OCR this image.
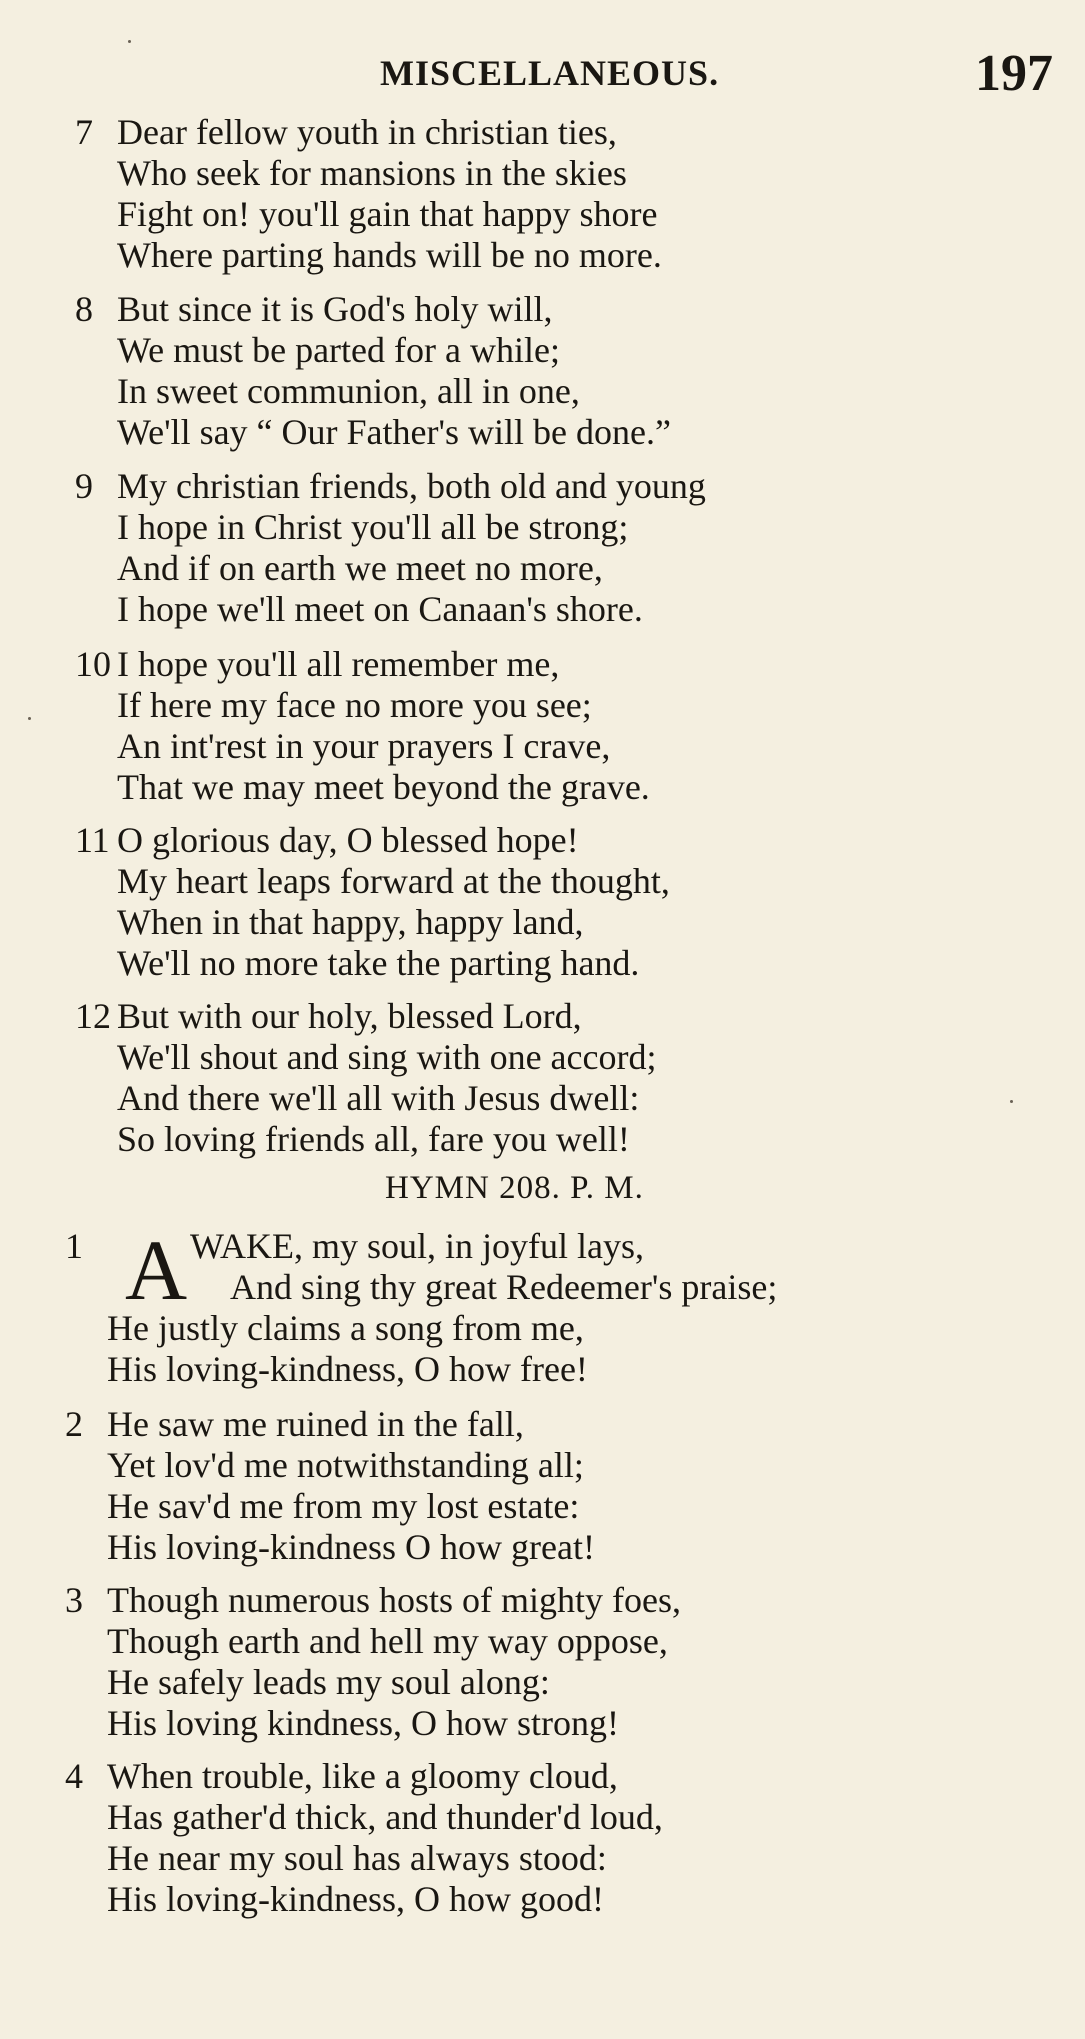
MISCELLANEOUS.	197
7 Dear fellow youth in christian ties,
Who seek for mansions in the skies
Fight on! you'll gain that happy shore
Where parting hands will be no more.
8 But since it is God's holy will,
We must be parted for a while;
In sweet communion, all in one,
We'll say “ Our Father's will be done.”
9 My christian friends, both old and young
I hope in Christ you'll all be strong;
And if on earth we meet no more,
I hope we'll meet on Canaan's shore.
10 I hope you'll all remember me,
If here my face no more you see;
An int'rest in your prayers I crave,
That we may meet beyond the grave.
11 O glorious day, O blessed hope!
My heart leaps forward at the thought,
When in that happy, happy land,
We'll no more take the parting hand.
12 But with our holy, blessed Lord,
We'll shout and sing with one accord;
And there we'll all with Jesus dwell:
So loving friends all, fare you well!
HYMN 208. P. M.
A
1	WAKE, my soul, in joyful lays,
And sing thy great Redeemer's praise;
He justly claims a song from me,
His loving-kindness, O how free!
2 He saw me ruined in the fall,
Yet lov'd me notwithstanding all;
He sav'd me from my lost estate:
His loving-kindness O how great!
3 Though numerous hosts of mighty foes,
Though earth and hell my way oppose,
He safely leads my soul along:
His loving kindness, O how strong!
4 When trouble, like a gloomy cloud,
Has gather'd thick, and thunder'd loud,
He near my soul has always stood:
His loving-kindness, O how good!
